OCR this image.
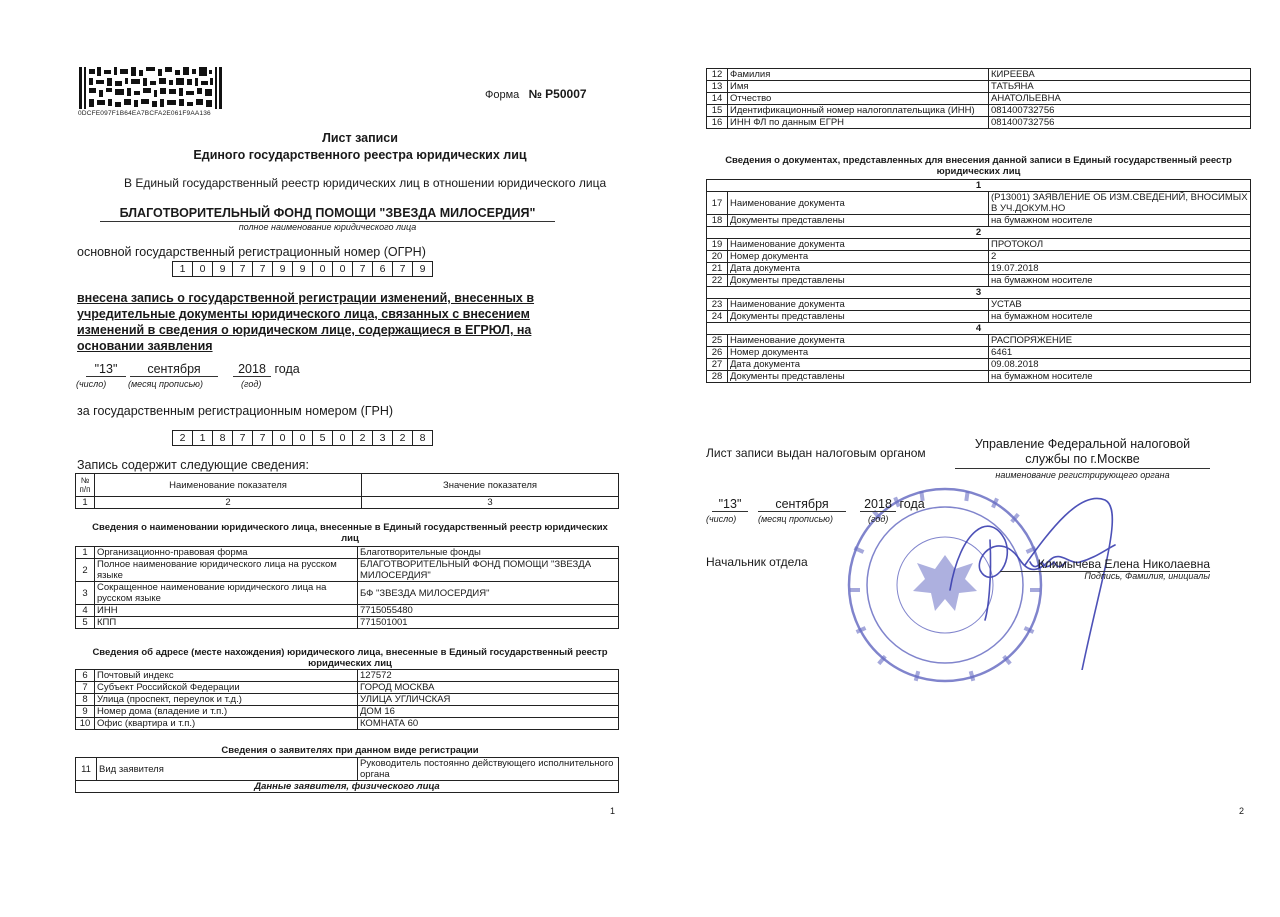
0DCFE097F1B64EA7BCFA2E061F9AA136
Форма № Р50007
Лист записи
Единого государственного реестра юридических лиц
В Единый государственный реестр юридических лиц в отношении юридического лица
БЛАГОТВОРИТЕЛЬНЫЙ ФОНД ПОМОЩИ "ЗВЕЗДА МИЛОСЕРДИЯ"
полное наименование юридического лица
основной государственный регистрационный номер (ОГРН)
1	0	9	7	7	9	9	0	0	7	6	7	9
внесена запись о государственной регистрации изменений, внесенных в учредительные документы юридического лица, связанных с внесением изменений в сведения о юридическом лице, содержащиеся в ЕГРЮЛ, на основании заявления
"13"	сентября	2018 года
(число) (месяц прописью)	(год)
за государственным регистрационным номером (ГРН)
2	1	8	7	7	0	0	5	0	2	3	2	8
Запись содержит следующие сведения:
№ п/п	Наименование показателя	Значение показателя
1	2	3
Сведения о наименовании юридического лица, внесенные в Единый государственный реестр юридических лиц
1	Организационно-правовая форма	Благотворительные фонды
2	Полное наименование юридического лица на русском языке	БЛАГОТВОРИТЕЛЬНЫЙ ФОНД ПОМОЩИ "ЗВЕЗДА МИЛОСЕРДИЯ"
3	Сокращенное наименование юридического лица на русском языке	БФ "ЗВЕЗДА МИЛОСЕРДИЯ"
4	ИНН	7715055480
5	КПП	771501001
Сведения об адресе (месте нахождения) юридического лица, внесенные в Единый государственный реестр юридических лиц
6	Почтовый индекс	127572
7	Субъект Российской Федерации	ГОРОД МОСКВА
8	Улица (проспект, переулок и т.д.)	УЛИЦА УГЛИЧСКАЯ
9	Номер дома (владение и т.п.)	ДОМ 16
10	Офис (квартира и т.п.)	КОМНАТА 60
Сведения о заявителях при данном виде регистрации
11	Вид заявителя	Руководитель постоянно действующего исполнительного органа
Данные заявителя, физического лица
1
12	Фамилия	КИРЕЕВА
13	Имя	ТАТЬЯНА
14	Отчество	АНАТОЛЬЕВНА
15	Идентификационный номер налогоплательщика (ИНН)	081400732756
16	ИНН ФЛ по данным ЕГРН	081400732756
Сведения о документах, представленных для внесения данной записи в Единый государственный реестр юридических лиц
1		
17	Наименование документа	(Р13001) ЗАЯВЛЕНИЕ ОБ ИЗМ.СВЕДЕНИЙ, ВНОСИМЫХ В УЧ.ДОКУМ.НО
18	Документы представлены	на бумажном носителе
2		
19	Наименование документа	ПРОТОКОЛ
20	Номер документа	2
21	Дата документа	19.07.2018
22	Документы представлены	на бумажном носителе
3		
23	Наименование документа	УСТАВ
24	Документы представлены	на бумажном носителе
4		
25	Наименование документа	РАСПОРЯЖЕНИЕ
26	Номер документа	6461
27	Дата документа	09.08.2018
28	Документы представлены	на бумажном носителе
Лист записи выдан налоговым органом
Управление Федеральной налоговой службы по г.Москве
наименование регистрирующего органа
"13"	сентября	2018 года
(число) (месяц прописью)	(год)
Начальник отдела	Климычева Елена Николаевна
Подпись, Фамилия, инициалы
2
